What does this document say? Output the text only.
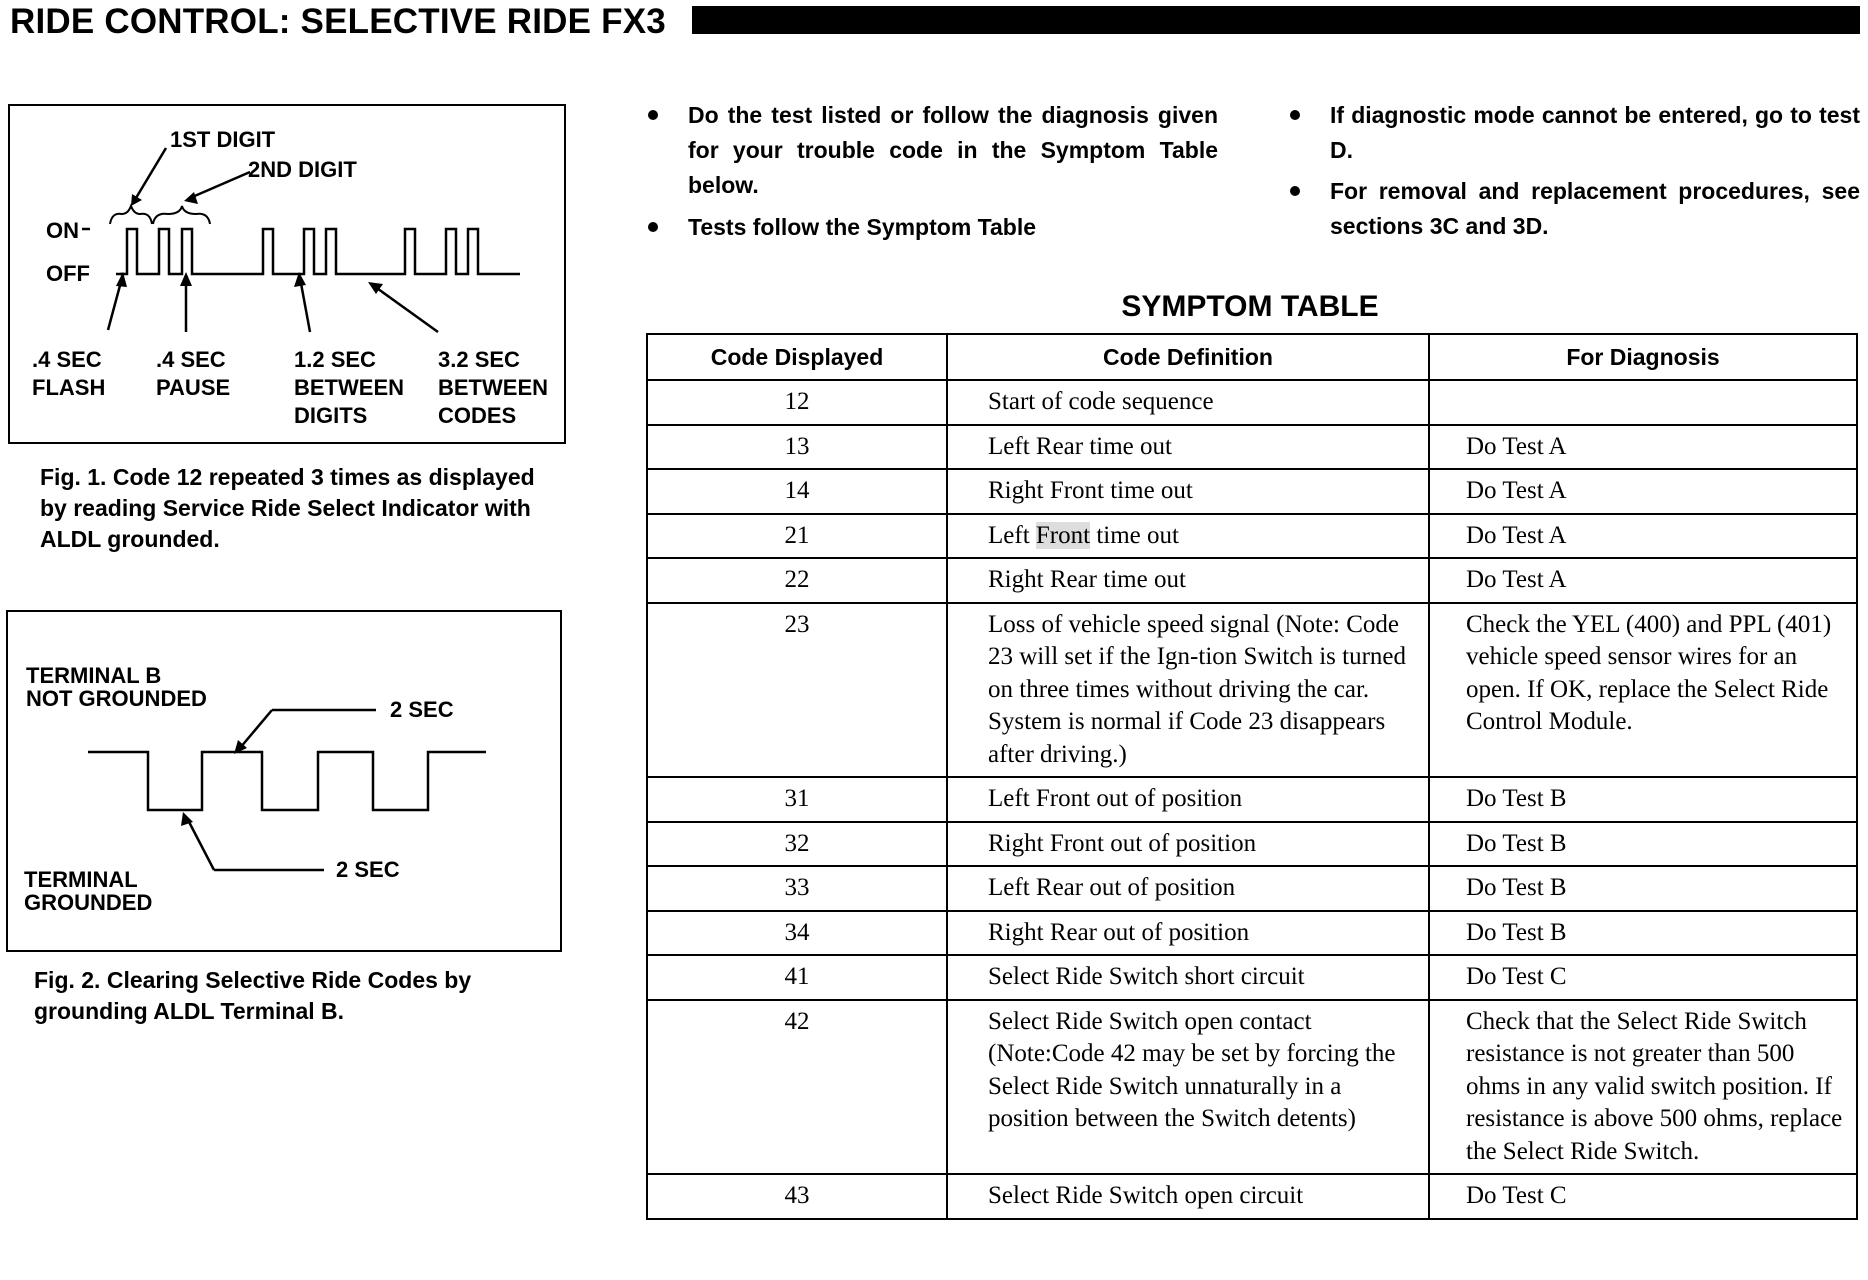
RIDE CONTROL: SELECTIVE RIDE FX3
1ST DIGIT
2ND DIGIT
ON
OFF
.4 SEC
FLASH
.4 SEC
PAUSE
1.2 SEC
BETWEEN
DIGITS
3.2 SEC
BETWEEN
CODES
Fig. 1. Code 12 repeated 3 times as displayed by reading Service Ride Select Indicator with ALDL grounded.
TERMINAL B
NOT GROUNDED	2 SEC
2 SEC
TERMINAL
GROUNDED
Fig. 2. Clearing Selective Ride Codes by grounding ALDL Terminal B.
Do the test listed or follow the diagnosis given for your trouble code in the Symptom Table below.
Tests follow the Symptom Table
If diagnostic mode cannot be entered, go to test D.
For removal and replacement procedures, see sections 3C and 3D.
SYMPTOM TABLE
Code Displayed	Code Definition	For Diagnosis
12	Start of code sequence	
13	Left Rear time out	Do Test A
14	Right Front time out	Do Test A
21	Left Front time out	Do Test A
22	Right Rear time out	Do Test A
23	Loss of vehicle speed signal (Note: Code 23 will set if the Ign-tion Switch is turned on three times without driving the car. System is normal if Code 23 disappears after driving.)	Check the YEL (400) and PPL (401) vehicle speed sensor wires for an open. If OK, replace the Select Ride Control Module.
31	Left Front out of position	Do Test B
32	Right Front out of position	Do Test B
33	Left Rear out of position	Do Test B
34	Right Rear out of position	Do Test B
41	Select Ride Switch short circuit	Do Test C
42	Select Ride Switch open contact (Note:Code 42 may be set by forcing the Select Ride Switch unnaturally in a position between the Switch detents)	Check that the Select Ride Switch resistance is not greater than 500 ohms in any valid switch position. If resistance is above 500 ohms, replace the Select Ride Switch.
43	Select Ride Switch open circuit	Do Test C
